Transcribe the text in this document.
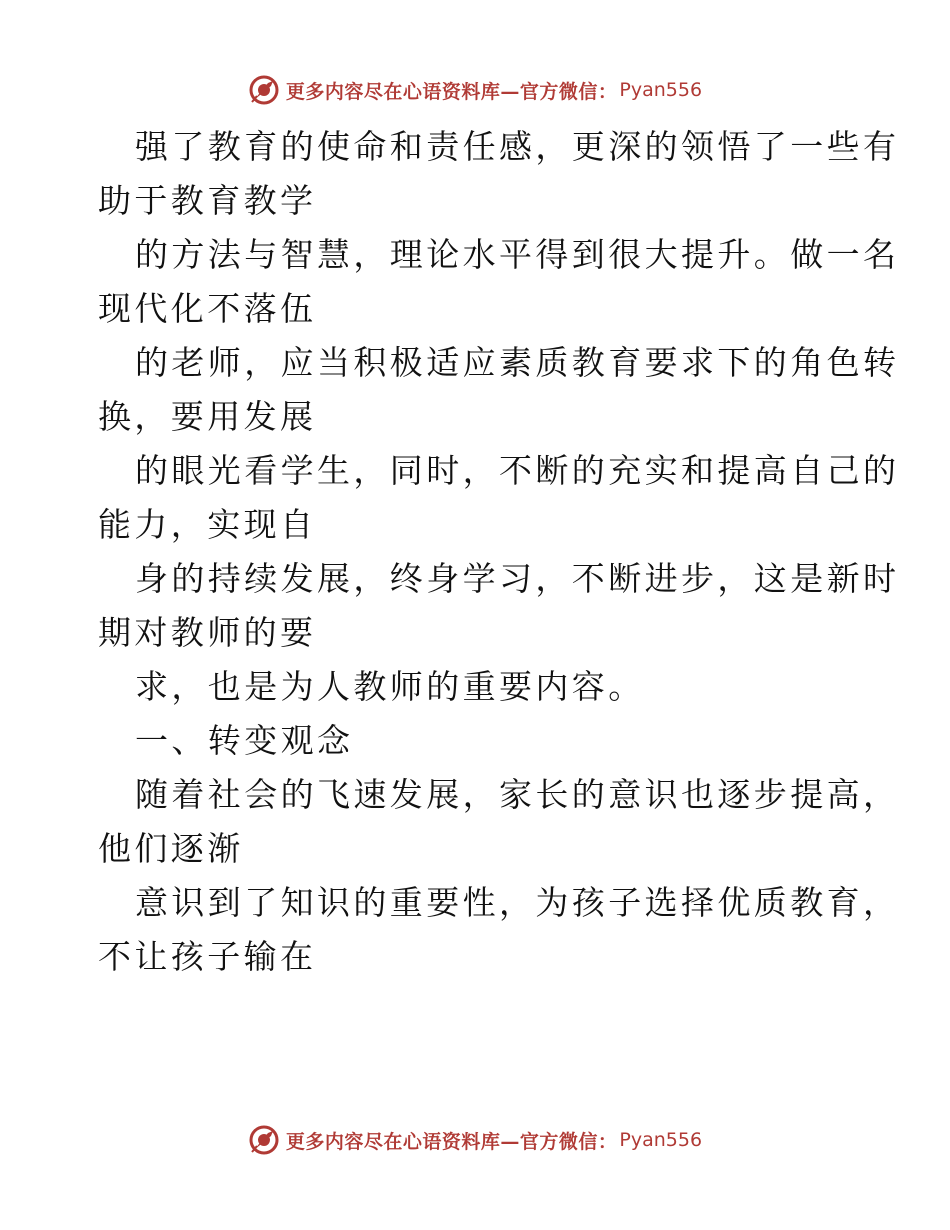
更多内容尽在心语资料库—官方微信： Pyan556
强了教育的使命和责任感，更深的领悟了一些有
助于教育教学
的方法与智慧，理论水平得到很大提升。做一名
现代化不落伍
的老师，应当积极适应素质教育要求下的角色转
换，要用发展
的眼光看学生，同时，不断的充实和提高自己的
能力，实现自
身的持续发展，终身学习，不断进步，这是新时
期对教师的要
求，也是为人教师的重要内容。
一、转变观念
随着社会的飞速发展，家长的意识也逐步提高，
他们逐渐
意识到了知识的重要性，为孩子选择优质教育，
不让孩子输在
更多内容尽在心语资料库—官方微信： Pyan556
